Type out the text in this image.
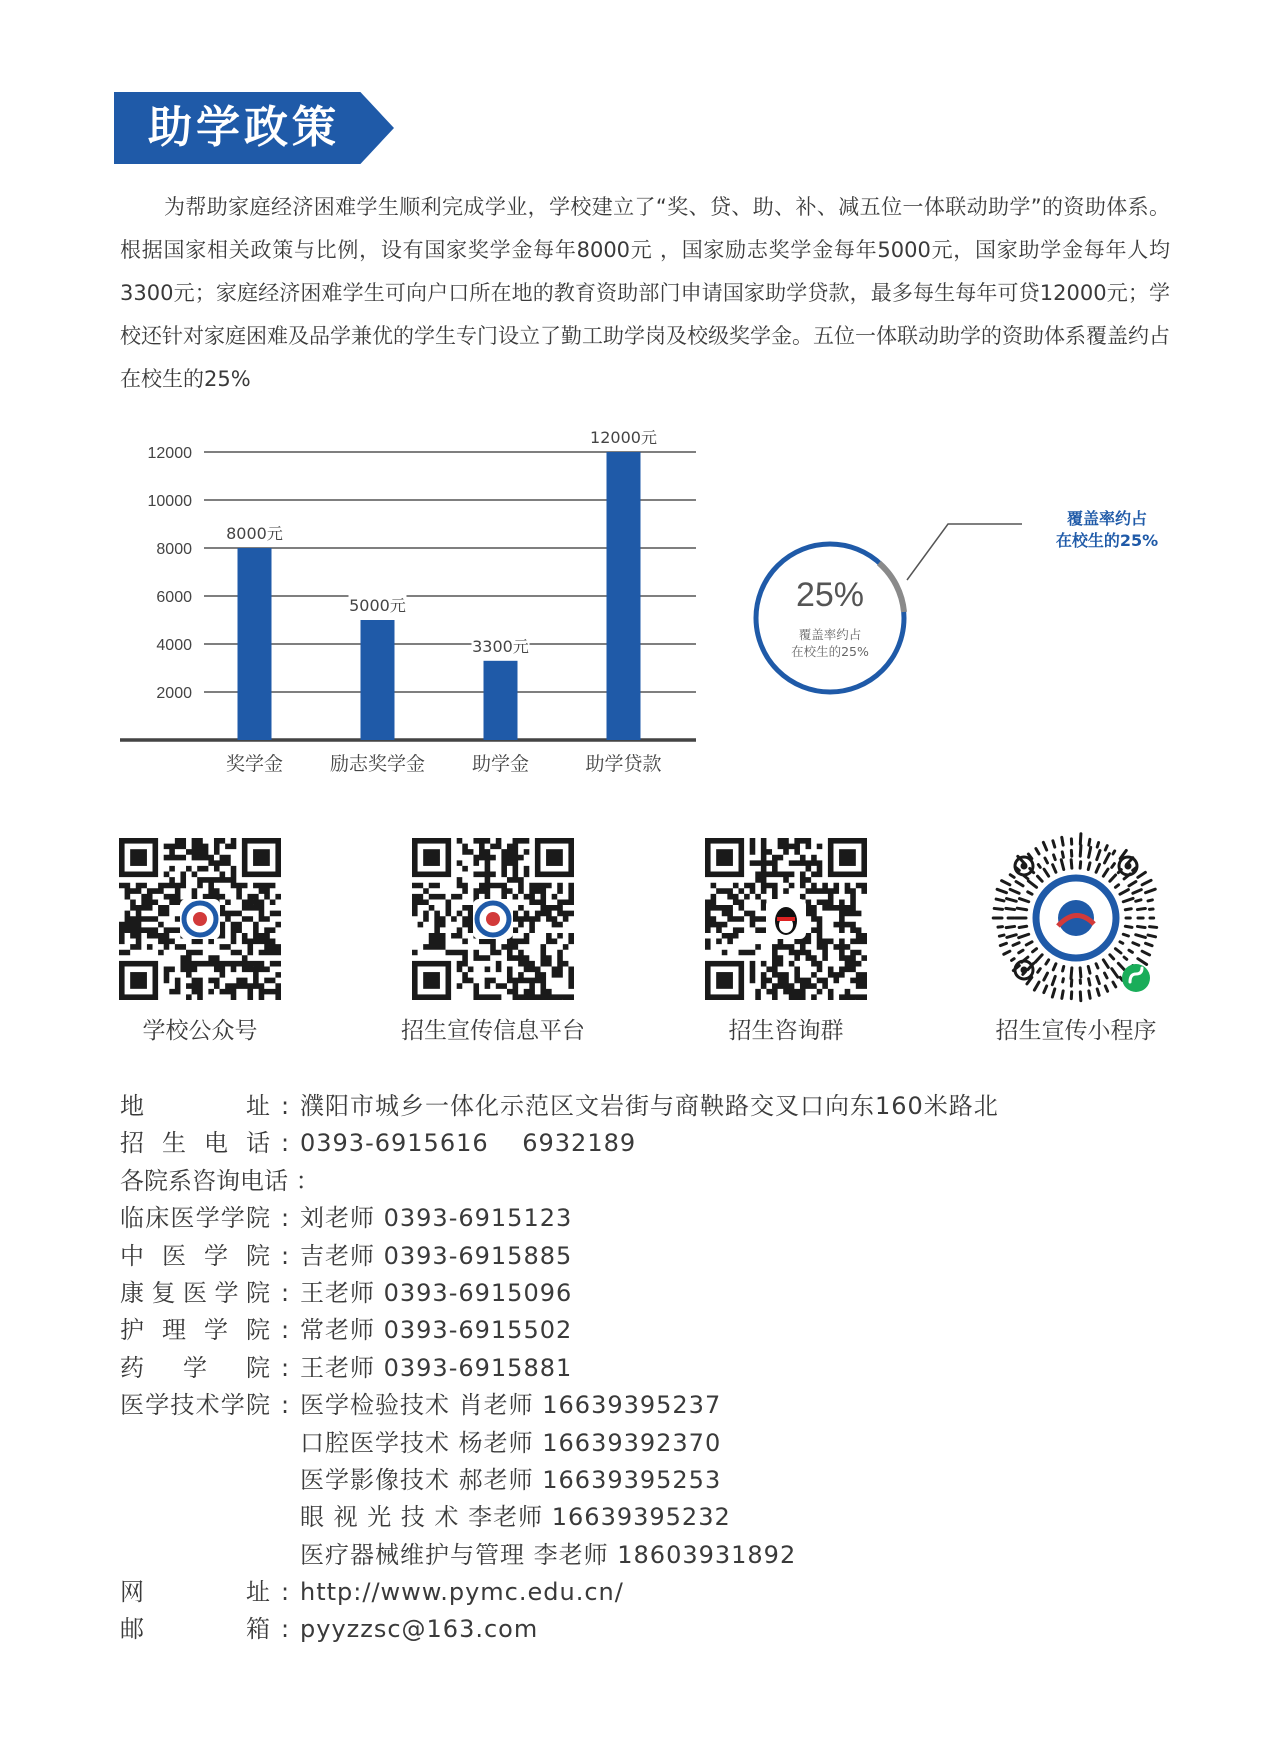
助学政策
为帮助家庭经济困难学生顺利完成学业，学校建立了“奖、贷、助、补、减五位一体联动助学”的资助体系。根据国家相关政策与比例，设有国家奖学金每年8000元 ，国家励志奖学金每年5000元，国家助学金每年人均3300元；家庭经济困难学生可向户口所在地的教育资助部门申请国家助学贷款，最多每生每年可贷12000元；学校还针对家庭困难及品学兼优的学生专门设立了勤工助学岗及校级奖学金。五位一体联动助学的资助体系覆盖约占在校生的25%
2000
4000
6000
8000
10000
12000
8000元
奖学金
5000元
励志奖学金
3300元
助学金
12000元
助学贷款
25%
覆盖率约占
在校生的25%
覆盖率约占
在校生的25%
学校公众号	招生宣传信息平台	招生咨询群	招生宣传小程序
地址 : 濮阳市城乡一体化示范区文岩街与商鞅路交叉口向东160米路北
招生电话 : 0393-6915616　 6932189
各院系咨询电话 ：
临床医学学院 : 刘老师 0393-6915123
中医学院 : 吉老师 0393-6915885
康复医学院 : 王老师 0393-6915096
护理学院 : 常老师 0393-6915502
药学院 : 王老师 0393-6915881
医学技术学院 : 医学检验技术 肖老师 16639395237
口腔医学技术 杨老师 16639392370
医学影像技术 郝老师 16639395253
眼 视 光 技 术 李老师 16639395232
医疗器械维护与管理 李老师 18603931892
网址 : http://www.pymc.edu.cn/
邮箱 : pyyzzsc@163.com
